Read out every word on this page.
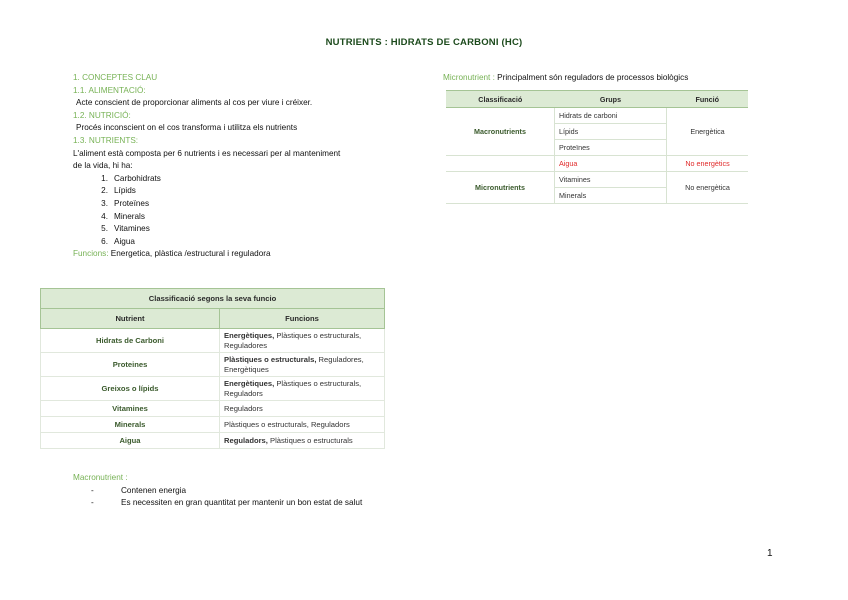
NUTRIENTS : HIDRATS DE CARBONI (HC)
1. CONCEPTES CLAU
1.1. ALIMENTACIÓ:
Acte conscient de proporcionar aliments al cos per viure i créixer.
1.2. NUTRICIÓ:
Procés inconscient on el cos transforma i utilitza els nutrients
1.3. NUTRIENTS:
L'aliment està composta per 6 nutrients i es necessari per al manteniment
de la vida, hi ha:
1. Carbohidrats
2. Lípids
3. Proteïnes
4. Minerals
5. Vitamines
6. Aigua
Funcions: Energetica, plàstica /estructural i reguladora
Classificació segons la seva funcio	
Nutrient	Funcions
Hidrats de Carboni	Energètiques, Plàstiques o estructurals, Reguladores
Proteines	Plàstiques o estructurals, Reguladores, Energètiques
Greixos o lípids	Energètiques, Plàstiques o estructurals, Reguladors
Vitamines	Reguladors
Minerals	Plàstiques o estructurals, Reguladors
Aigua	Reguladors, Plàstiques o estructurals
Macronutrient :
-	Contenen energia
-	Es necessiten en gran quantitat per mantenir un bon estat de salut
Micronutrient : Principalment són reguladors de processos biològics
Classificació	Grups	Funció
Macronutrients	Hidrats de carboni	Energètica
	Lípids	
	Proteïnes	
	Aigua	No energètics
Micronutrients	Vitamines	No energètica
	Minerals	
1
